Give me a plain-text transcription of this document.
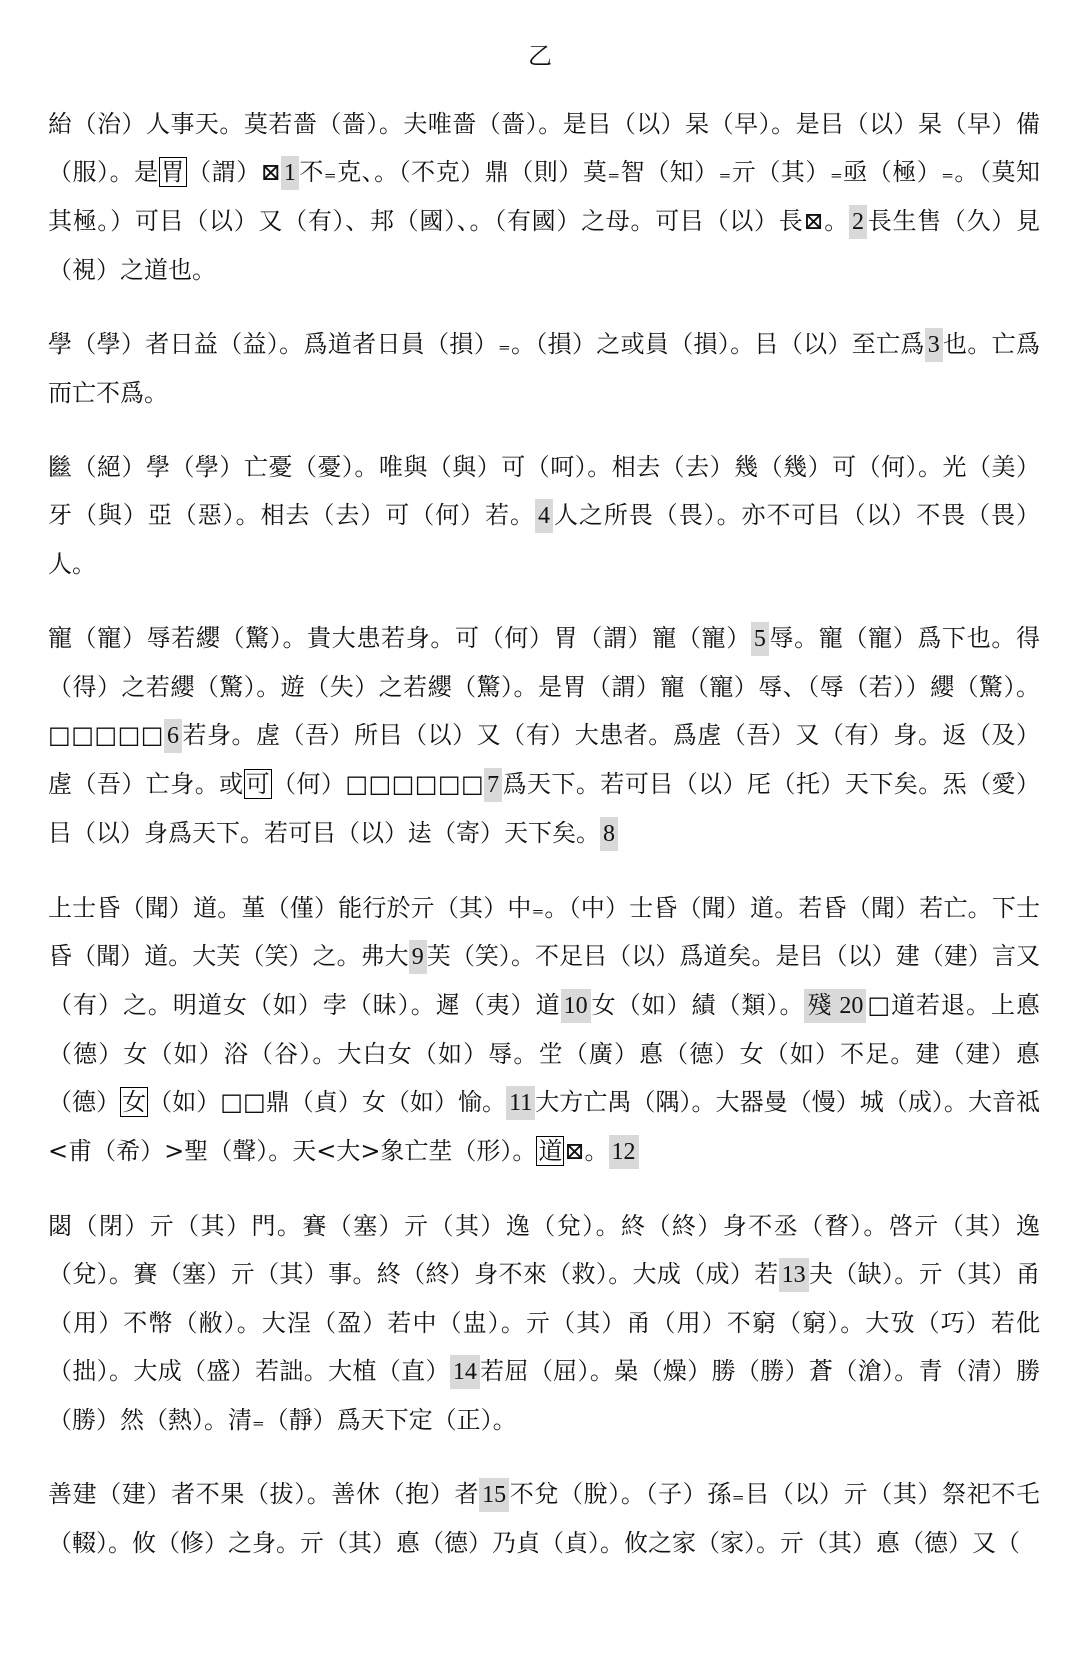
乙

紿（治）人事天。莫若嗇（嗇）。夫唯嗇（嗇）。是㠯（以）杲（早）。是㠯（以）杲（早）備（服）。是胃（謂）⊠ 1 不₌克、。（不克）鼎（則）莫₌智（知）₌亓（其）₌亟（極）₌。（莫知其極。）可㠯（以）又（有）、邦（國）、。（有國）之母。可㠯（以）長⊠。 2 長生售（久）見（視）之道也。

學（學）者日益（益）。爲道者日員（損）₌。（損）之或員（損）。㠯（以）至亡爲 3 也。亡爲而亡不爲。

㡭（絕）學（學）亡憂（憂）。唯與（與）可（呵）。相去（去）幾（幾）可（何）。光（美）牙（與）亞（惡）。相去（去）可（何）若。 4 人之所畏（畏）。亦不可㠯（以）不畏（畏）人。

寵（寵）辱若纓（驚）。貴大患若身。可（何）胃（謂）寵（寵） 5 辱。寵（寵）爲下也。得（得）之若纓（驚）。遊（失）之若纓（驚）。是胃（謂）寵（寵）辱、（辱（若））纓（驚）。□□□□□ 6 若身。虗（吾）所㠯（以）又（有）大患者。爲虗（吾）又（有）身。返（及）虗（吾）亡身。或可（何）□□□□□□ 7 爲天下。若可㠯（以）厇（托）天下矣。炁（愛）㠯（以）身爲天下。若可㠯（以）迲（寄）天下矣。 8

上士昏（聞）道。堇（僅）能行於亓（其）中₌。（中）士昏（聞）道。若昏（聞）若亡。下士昏（聞）道。大芙（笑）之。弗大 9 芙（笑）。不足㠯（以）爲道矣。是㠯（以）建（建）言又（有）之。明道女（如）孛（昧）。遲（夷）道 10 女（如）績（類）。 殘 20 □道若退。上悳（德）女（如）浴（谷）。大白女（如）辱。坣（廣）悳（德）女（如）不足。建（建）悳（德）女（如）□□鼎（貞）女（如）愉。 11 大方亡禺（隅）。大器曼（慢）城（成）。大音祗<甫（希）>聖（聲）。天<大>象亡坓（形）。道⊠。 12

閟（閉）亓（其）門。賽（塞）亓（其）逸（兌）。終（終）身不丞（暓）。啓亓（其）逸（兌）。賽（塞）亓（其）事。終（終）身不來（救）。大成（成）若 13 夬（缺）。亓（其）甬（用）不幣（敝）。大浧（盈）若中（盅）。亓（其）甬（用）不窮（窮）。大攷（巧）若仳（拙）。大成（盛）若詘。大植（直） 14 若屈（屈）。喿（燥）勝（勝）蒼（滄）。青（清）勝（勝）然（熱）。清₌（靜）爲天下定（正）。

善建（建）者不果（拔）。善休（抱）者 15 不兌（脫）。（子）孫₌㠯（以）亓（其）祭祀不乇（輟）。攸（修）之身。亓（其）悳（德）乃貞（貞）。攸之家（家）。亓（其）悳（德）又（
